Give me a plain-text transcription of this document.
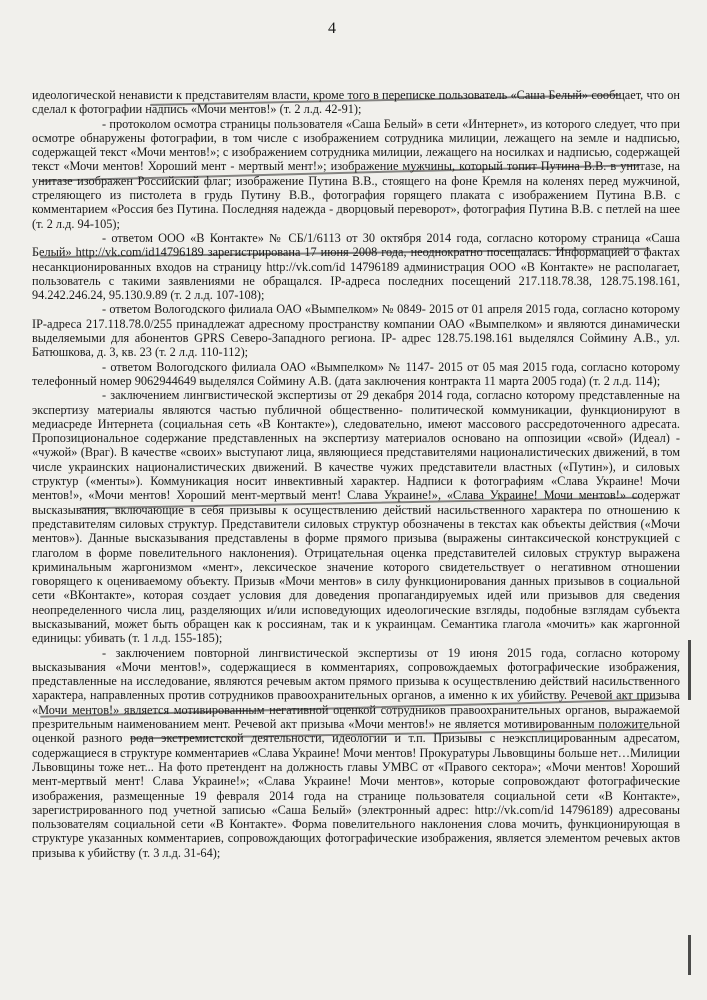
4

идеологической ненависти к представителям власти, кроме того в переписке пользователь «Саша Белый» сообщает, что он сделал к фотографии надпись «Мочи ментов!» (т. 2 л.д. 42-91);

- протоколом осмотра страницы пользователя «Саша Белый» в сети «Интернет», из которого следует, что при осмотре обнаружены фотографии, в том числе с изображением сотрудника милиции, лежащего на земле и надписью, содержащей текст «Мочи ментов!»; с изображением сотрудника милиции, лежащего на носилках и надписью, содержащей текст «Мочи ментов! Хороший мент - мертвый мент!»; изображение мужчины, который топит Путина В.В. в унитазе, на унитазе изображен Российский флаг; изображение Путина В.В., стоящего на фоне Кремля на коленях перед мужчиной, стреляющего из пистолета в грудь Путину В.В., фотография горящего плаката с изображением Путина В.В. с комментарием «Россия без Путина. Последняя надежда - дворцовый переворот», фотография Путина В.В. с петлей на шее (т. 2 л.д. 94-105);

- ответом ООО «В Контакте» № СБ/1/6113 от 30 октября 2014 года, согласно которому страница «Саша Белый» http://vk.com/id14796189 зарегистрирована 17 июня 2008 года, неоднократно посещалась. Информацией о фактах несанкционированных входов на страницу http://vk.com/id 14796189 администрация ООО «В Контакте» не располагает, пользователь с такими заявлениями не обращался. IP-адреса последних посещений 217.118.78.38, 128.75.198.161, 94.242.246.24, 95.130.9.89 (т. 2 л.д. 107-108);

- ответом Вологодского филиала ОАО «Вымпелком» № 0849- 2015 от 01 апреля 2015 года, согласно которому IP-адреса 217.118.78.0/255 принадлежат адресному пространству компании ОАО «Вымпелком» и являются динамически выделяемыми для абонентов GPRS Северо-Западного региона. IP- адрес 128.75.198.161 выделялся Соймину А.В., ул. Батюшкова, д. 3, кв. 23 (т. 2 л.д. 110-112);

- ответом Вологодского филиала ОАО «Вымпелком» № 1147- 2015 от 05 мая 2015 года, согласно которому телефонный номер 9062944649 выделялся Соймину А.В. (дата заключения контракта 11 марта 2005 года) (т. 2 л.д. 114);

- заключением лингвистической экспертизы от 29 декабря 2014 года, согласно которому представленные на экспертизу материалы являются частью публичной общественно- политической коммуникации, функционируют в медиасреде Интернета (социальная сеть «В Контакте»), следовательно, имеют массового рассредоточенного адресата. Пропозициональное содержание представленных на экспертизу материалов основано на оппозиции «свой» (Идеал) - «чужой» (Враг). В качестве «своих» выступают лица, являющиеся представителями националистических движений, в том числе украинских националистических движений. В качестве чужих представители властных («Путин»), и силовых структур («менты»). Коммуникация носит инвективный характер. Надписи к фотографиям «Слава Украине! Мочи ментов!», «Мочи ментов! Хороший мент-мертвый мент! Слава Украине!», «Слава Украине! Мочи ментов!» содержат высказывания, включающие в себя призывы к осуществлению действий насильственного характера по отношению к представителям силовых структур. Представители силовых структур обозначены в текстах как объекты действия («Мочи ментов»). Данные высказывания представлены в форме прямого призыва (выражены синтаксической конструкцией с глаголом в форме повелительного наклонения). Отрицательная оценка представителей силовых структур выражена криминальным жаргонизмом «мент», лексическое значение которого свидетельствует о негативном отношении говорящего к оцениваемому объекту. Призыв «Мочи ментов» в силу функционирования данных призывов в социальной сети «ВКонтакте», которая создает условия для доведения пропагандируемых идей или призывов для сведения неопределенного числа лиц, разделяющих и/или исповедующих идеологические взгляды, подобные взглядам субъекта высказываний, может быть обращен как к россиянам, так и к украинцам. Семантика глагола «мочить» как жаргонной единицы: убивать (т. 1 л.д. 155-185);

- заключением повторной лингвистической экспертизы от 19 июня 2015 года, согласно которому высказывания «Мочи ментов!», содержащиеся в комментариях, сопровождаемых фотографические изображения, представленные на исследование, являются речевым актом прямого призыва к осуществлению действий насильственного характера, направленных против сотрудников правоохранительных органов, а именно к их убийству. Речевой акт призыва «Мочи ментов!» является мотивированным негативной оценкой сотрудников правоохранительных органов, выражаемой презрительным наименованием мент. Речевой акт призыва «Мочи ментов!» не является мотивированным положительной оценкой разного рода экстремистской деятельности, идеологии и т.п. Призывы с неэксплицированным адресатом, содержащиеся в структуре комментариев «Слава Украине! Мочи ментов! Прокуратуры Львовщины больше нет…Милиции Львовщины тоже нет... На фото претендент на должность главы УМВС от «Правого сектора»; «Мочи ментов! Хороший мент-мертвый мент! Слава Украине!»; «Слава Украине! Мочи ментов», которые сопровождают фотографические изображения, размещенные 19 февраля 2014 года на странице пользователя социальной сети «В Контакте», зарегистрированного под учетной записью «Саша Белый» (электронный адрес: http://vk.com/id 14796189) адресованы пользователям социальной сети «В Контакте». Форма повелительного наклонения слова мочить, функционирующая в структуре указанных комментариев, сопровождающих фотографические изображения, является элементом речевых актов призыва к убийству (т. 3 л.д. 31-64);
